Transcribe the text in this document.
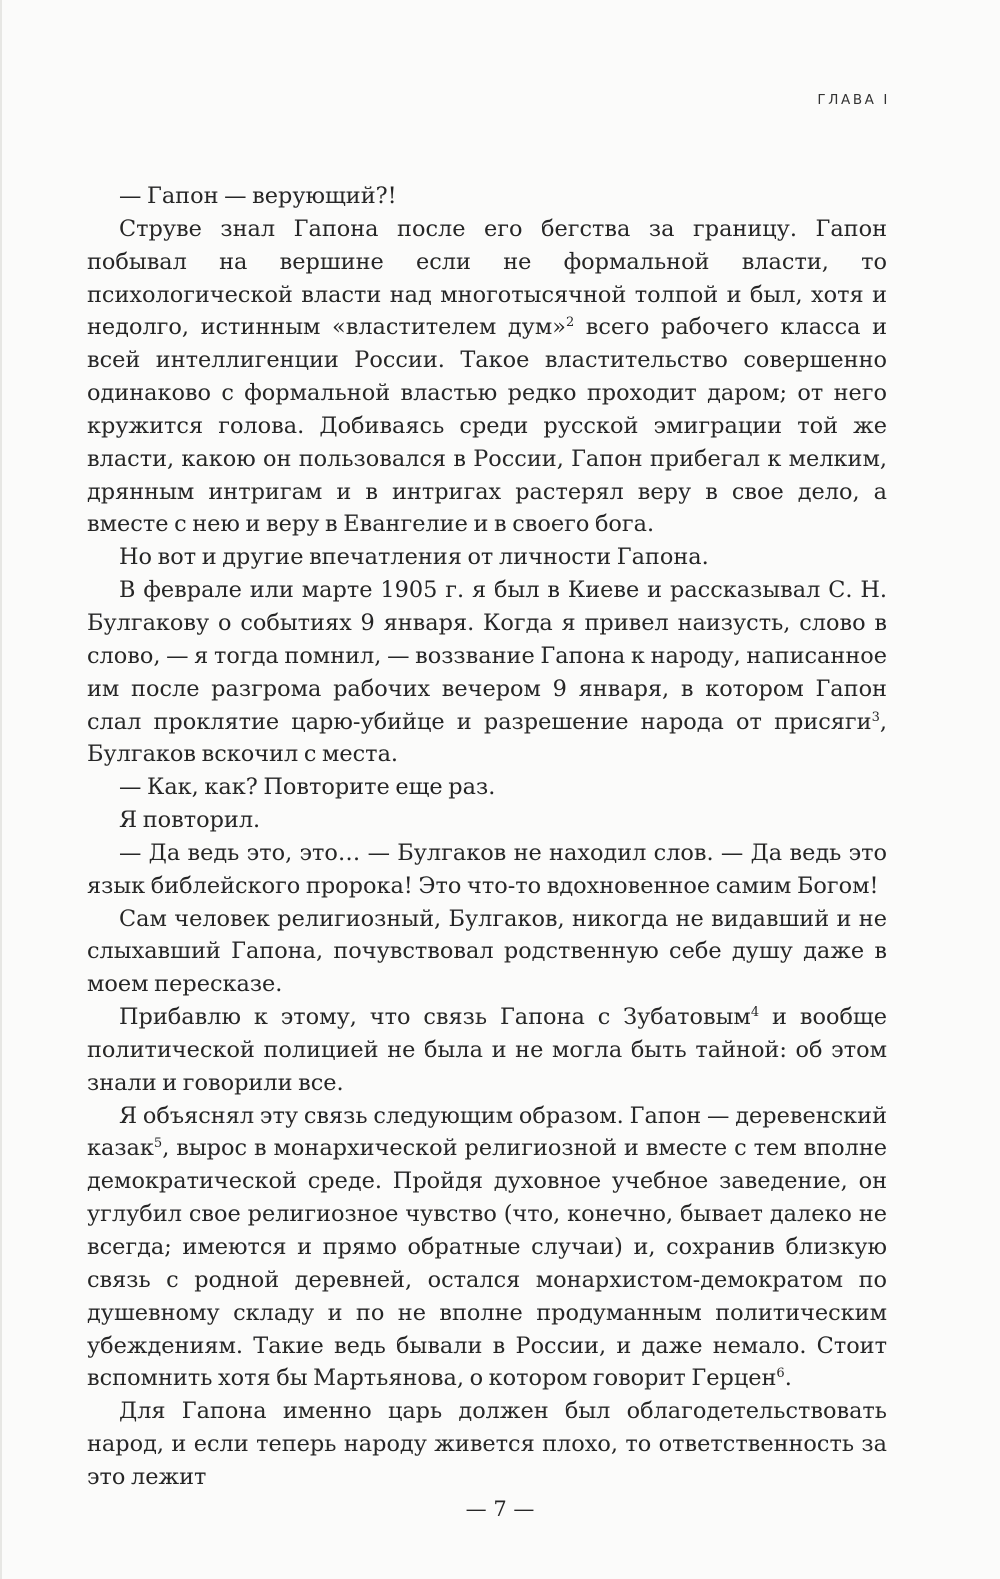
ГЛАВА I

— Гапон — верующий?!

Струве знал Гапона после его бегства за границу. Гапон побывал на вершине если не формальной власти, то психологической власти над многотысячной толпой и был, хотя и недолго, истинным «властителем дум»$^2$ всего рабочего класса и всей интеллигенции России. Такое властительство совершенно одинаково с формальной властью редко проходит даром; от него кружится голова. Добиваясь среди русской эмиграции той же власти, какою он пользовался в России, Гапон прибегал к мелким, дрянным интригам и в интригах растерял веру в свое дело, а вместе с нею и веру в Евангелие и в своего бога.

Но вот и другие впечатления от личности Гапона.

В феврале или марте 1905 г. я был в Киеве и рассказывал С. Н. Булгакову о событиях 9 января. Когда я привел наизусть, слово в слово, — я тогда помнил, — воззвание Гапона к народу, написанное им после разгрома рабочих вечером 9 января, в котором Гапон слал проклятие царю-убийце и разрешение народа от присяги$^3$, Булгаков вскочил с места.

— Как, как? Повторите еще раз.

Я повторил.

— Да ведь это, это… — Булгаков не находил слов. — Да ведь это язык библейского пророка! Это что-то вдохновенное самим Богом!

Сам человек религиозный, Булгаков, никогда не видавший и не слыхавший Гапона, почувствовал родственную себе душу даже в моем пересказе.

Прибавлю к этому, что связь Гапона с Зубатовым$^4$ и вообще политической полицией не была и не могла быть тайной: об этом знали и говорили все.

Я объяснял эту связь следующим образом. Гапон — деревенский казак$^5$, вырос в монархической религиозной и вместе с тем вполне демократической среде. Пройдя духовное учебное заведение, он углубил свое религиозное чувство (что, конечно, бывает далеко не всегда; имеются и прямо обратные случаи) и, сохранив близкую связь с родной деревней, остался монархистом-демократом по душевному складу и по не вполне продуманным политическим убеждениям. Такие ведь бывали в России, и даже немало. Стоит вспомнить хотя бы Мартьянова, о котором говорит Герцен$^6$.

Для Гапона именно царь должен был облагодетельствовать народ, и если теперь народу живется плохо, то ответственность за это лежит

— 7 —
